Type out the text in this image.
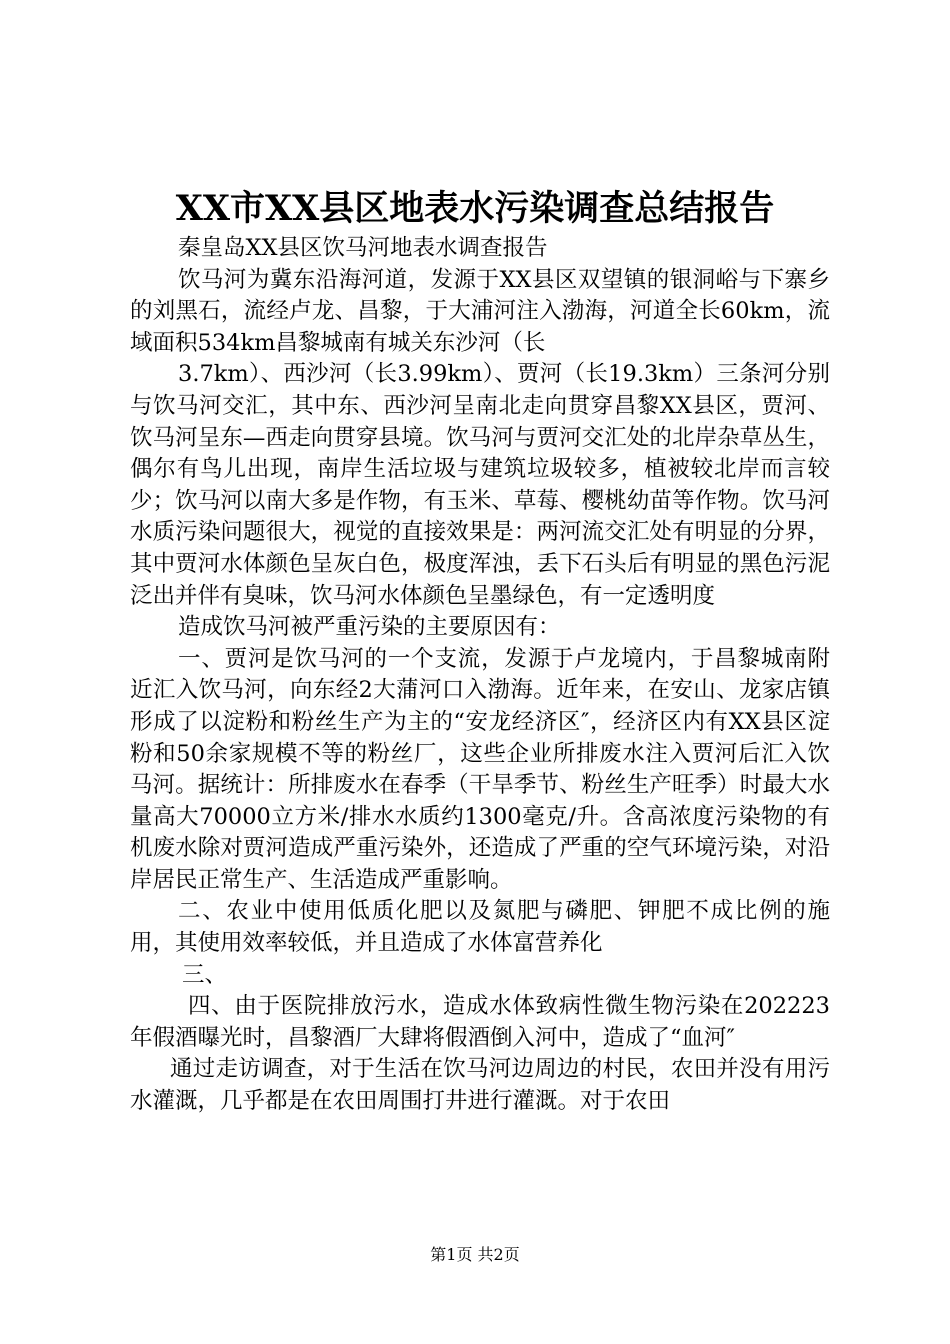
XX市XX县区地表水污染调查总结报告

秦皇岛XX县区饮马河地表水调查报告

饮马河为冀东沿海河道，发源于XX县区双望镇的银洞峪与下寨乡的刘黑石，流经卢龙、昌黎，于大浦河注入渤海，河道全长60km，流域面积534km昌黎城南有城关东沙河（长

3.7km）、西沙河（长3.99km）、贾河（长19.3km）三条河分别与饮马河交汇，其中东、西沙河呈南北走向贯穿昌黎XX县区，贾河、饮马河呈东—西走向贯穿县境。饮马河与贾河交汇处的北岸杂草丛生，偶尔有鸟儿出现，南岸生活垃圾与建筑垃圾较多，植被较北岸而言较少；饮马河以南大多是作物，有玉米、草莓、樱桃幼苗等作物。饮马河水质污染问题很大，视觉的直接效果是：两河流交汇处有明显的分界，其中贾河水体颜色呈灰白色，极度浑浊，丢下石头后有明显的黑色污泥泛出并伴有臭味，饮马河水体颜色呈墨绿色，有一定透明度

造成饮马河被严重污染的主要原因有：

一、贾河是饮马河的一个支流，发源于卢龙境内，于昌黎城南附近汇入饮马河，向东经2大蒲河口入渤海。近年来，在安山、龙家店镇形成了以淀粉和粉丝生产为主的“安龙经济区″，经济区内有XX县区淀粉和50余家规模不等的粉丝厂，这些企业所排废水注入贾河后汇入饮马河。据统计：所排废水在春季（干旱季节、粉丝生产旺季）时最大水量高大70000立方米/排水水质约1300毫克/升。含高浓度污染物的有机废水除对贾河造成严重污染外，还造成了严重的空气环境污染，对沿岸居民正常生产、生活造成严重影响。

二、农业中使用低质化肥以及氮肥与磷肥、钾肥不成比例的施用，其使用效率较低，并且造成了水体富营养化

三、

四、由于医院排放污水，造成水体致病性微生物污染在202223年假酒曝光时，昌黎酒厂大肆将假酒倒入河中，造成了“血河″

通过走访调查，对于生活在饮马河边周边的村民，农田并没有用污水灌溉，几乎都是在农田周围打井进行灌溉。对于农田

第1页 共2页
